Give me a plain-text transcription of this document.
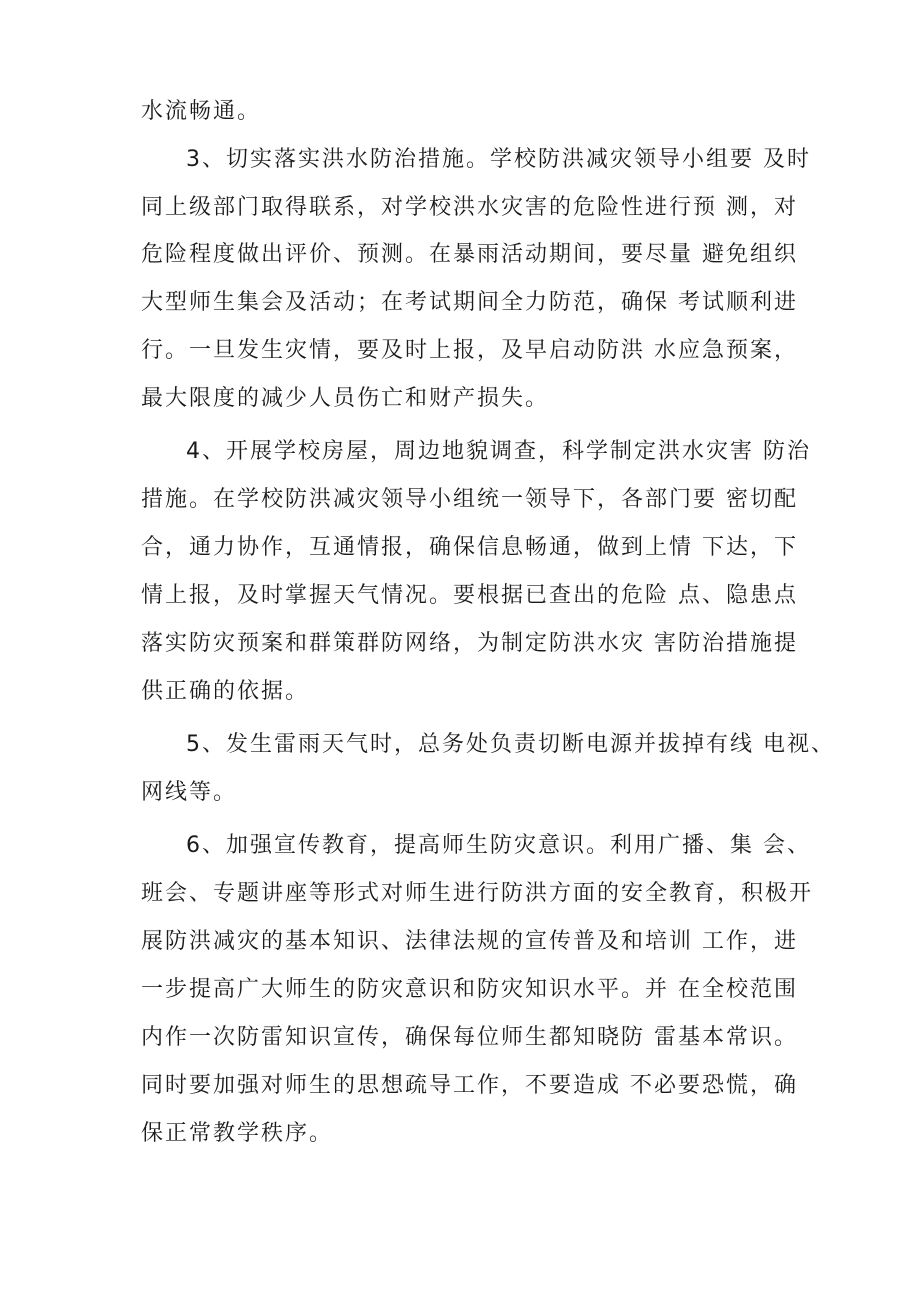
水流畅通。
3、切实落实洪水防治措施。学校防洪减灾领导小组要 及时
同上级部门取得联系，对学校洪水灾害的危险性进行预 测，对
危险程度做出评价、预测。在暴雨活动期间，要尽量 避免组织
大型师生集会及活动；在考试期间全力防范，确保 考试顺利进
行。一旦发生灾情，要及时上报，及早启动防洪 水应急预案，
最大限度的减少人员伤亡和财产损失。
4、开展学校房屋，周边地貌调查，科学制定洪水灾害 防治
措施。在学校防洪减灾领导小组统一领导下，各部门要 密切配
合，通力协作，互通情报，确保信息畅通，做到上情 下达，下
情上报，及时掌握天气情况。要根据已查出的危险 点、隐患点
落实防灾预案和群策群防网络，为制定防洪水灾 害防治措施提
供正确的依据。
5、发生雷雨天气时，总务处负责切断电源并拔掉有线 电视、
网线等。
6、加强宣传教育，提高师生防灾意识。利用广播、集 会、
班会、专题讲座等形式对师生进行防洪方面的安全教育，积极开
展防洪减灾的基本知识、法律法规的宣传普及和培训 工作，进
一步提高广大师生的防灾意识和防灾知识水平。并 在全校范围
内作一次防雷知识宣传，确保每位师生都知晓防 雷基本常识。
同时要加强对师生的思想疏导工作，不要造成 不必要恐慌，确
保正常教学秩序。
